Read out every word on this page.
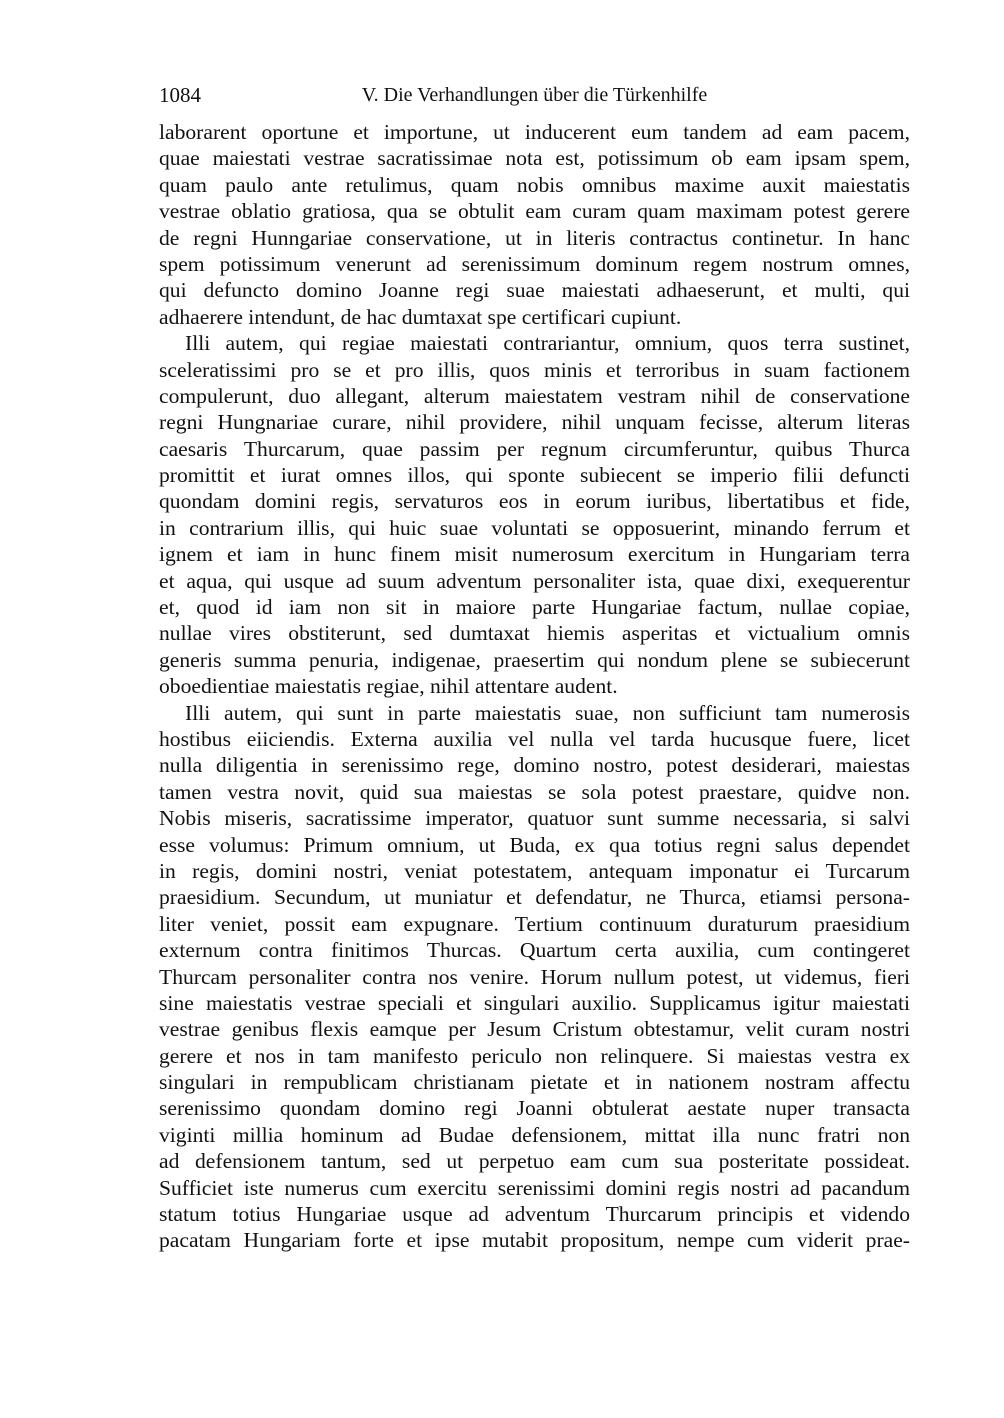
1084	V. Die Verhandlungen über die Türkenhilfe
laborarent oportune et importune, ut inducerent eum tandem ad eam pacem,
quae maiestati vestrae sacratissimae nota est, potissimum ob eam ipsam spem,
quam paulo ante retulimus, quam nobis omnibus maxime auxit maiestatis
vestrae oblatio gratiosa, qua se obtulit eam curam quam maximam potest gerere
de regni Hunngariae conservatione, ut in literis contractus continetur. In hanc
spem potissimum venerunt ad serenissimum dominum regem nostrum omnes,
qui defuncto domino Joanne regi suae maiestati adhaeserunt, et multi, qui
adhaerere intendunt, de hac dumtaxat spe certificari cupiunt.
Illi autem, qui regiae maiestati contrariantur, omnium, quos terra sustinet,
sceleratissimi pro se et pro illis, quos minis et terroribus in suam factionem
compulerunt, duo allegant, alterum maiestatem vestram nihil de conservatione
regni Hungnariae curare, nihil providere, nihil unquam fecisse, alterum literas
caesaris Thurcarum, quae passim per regnum circumferuntur, quibus Thurca
promittit et iurat omnes illos, qui sponte subiecent se imperio filii defuncti
quondam domini regis, servaturos eos in eorum iuribus, libertatibus et fide,
in contrarium illis, qui huic suae voluntati se opposuerint, minando ferrum et
ignem et iam in hunc finem misit numerosum exercitum in Hungariam terra
et aqua, qui usque ad suum adventum personaliter ista, quae dixi, exequerentur
et, quod id iam non sit in maiore parte Hungariae factum, nullae copiae,
nullae vires obstiterunt, sed dumtaxat hiemis asperitas et victualium omnis
generis summa penuria, indigenae, praesertim qui nondum plene se subiecerunt
oboedientiae maiestatis regiae, nihil attentare audent.
Illi autem, qui sunt in parte maiestatis suae, non sufficiunt tam numerosis
hostibus eiiciendis. Externa auxilia vel nulla vel tarda hucusque fuere, licet
nulla diligentia in serenissimo rege, domino nostro, potest desiderari, maiestas
tamen vestra novit, quid sua maiestas se sola potest praestare, quidve non.
Nobis miseris, sacratissime imperator, quatuor sunt summe necessaria, si salvi
esse volumus: Primum omnium, ut Buda, ex qua totius regni salus dependet
in regis, domini nostri, veniat potestatem, antequam imponatur ei Turcarum
praesidium. Secundum, ut muniatur et defendatur, ne Thurca, etiamsi persona-
liter veniet, possit eam expugnare. Tertium continuum duraturum praesidium
externum contra finitimos Thurcas. Quartum certa auxilia, cum contingeret
Thurcam personaliter contra nos venire. Horum nullum potest, ut videmus, fieri
sine maiestatis vestrae speciali et singulari auxilio. Supplicamus igitur maiestati
vestrae genibus flexis eamque per Jesum Cristum obtestamur, velit curam nostri
gerere et nos in tam manifesto periculo non relinquere. Si maiestas vestra ex
singulari in rempublicam christianam pietate et in nationem nostram affectu
serenissimo quondam domino regi Joanni obtulerat aestate nuper transacta
viginti millia hominum ad Budae defensionem, mittat illa nunc fratri non
ad defensionem tantum, sed ut perpetuo eam cum sua posteritate possideat.
Sufficiet iste numerus cum exercitu serenissimi domini regis nostri ad pacandum
statum totius Hungariae usque ad adventum Thurcarum principis et videndo
pacatam Hungariam forte et ipse mutabit propositum, nempe cum viderit prae-
